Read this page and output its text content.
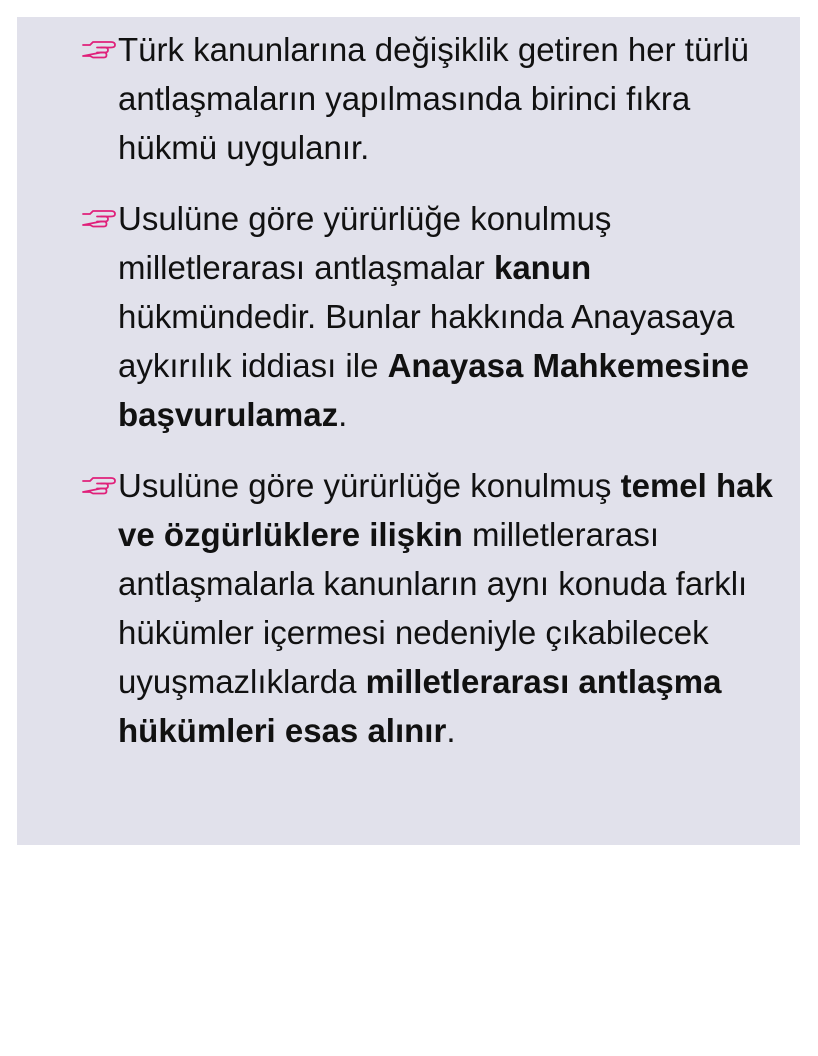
Türk kanunlarına değişiklik getiren her türlü antlaşmaların yapılmasında birinci fıkra hükmü uygulanır.
Usulüne göre yürürlüğe konulmuş milletlerarası antlaşmalar kanun hükmündedir. Bunlar hakkında Anayasaya aykırılık iddiası ile Anayasa Mahkemesine başvurulamaz.
Usulüne göre yürürlüğe konulmuş temel hak ve özgürlüklere ilişkin milletlerarası antlaşmalarla kanunların aynı konuda farklı hükümler içermesi nedeniyle çıkabilecek uyuşmazlıklarda milletlerarası antlaşma hükümleri esas alınır.
